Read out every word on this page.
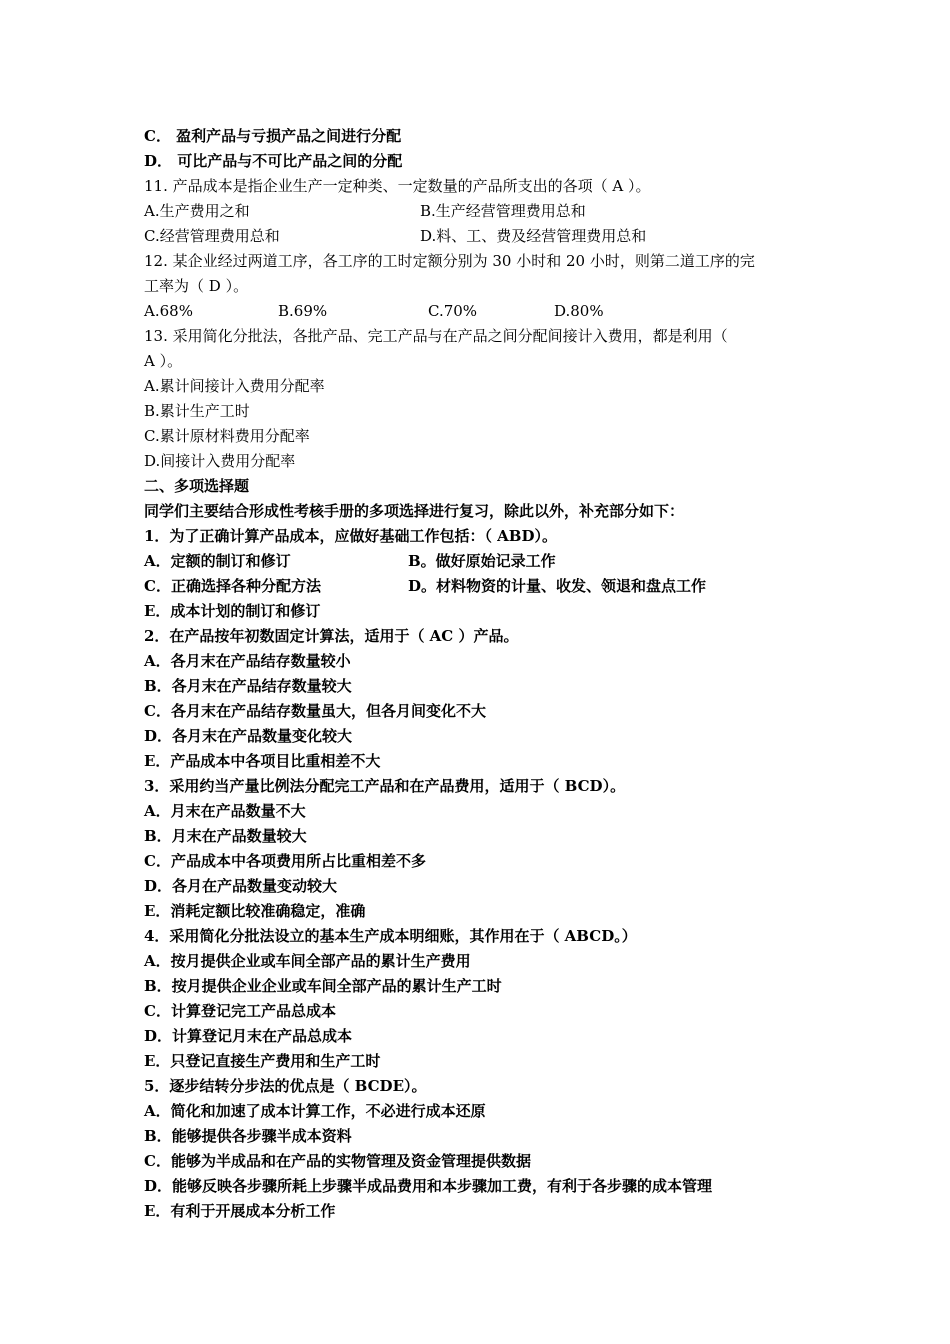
C． 盈利产品与亏损产品之间进行分配
D． 可比产品与不可比产品之间的分配
11. 产品成本是指企业生产一定种类、一定数量的产品所支出的各项（ A ）。
A.生产费用之和	B.生产经营管理费用总和
C.经营管理费用总和	D.料、工、费及经营管理费用总和
12. 某企业经过两道工序，各工序的工时定额分别为 30 小时和 20 小时，则第二道工序的完
工率为（ D ）。
A.68%	B.69%	C.70%	D.80%
13. 采用简化分批法，各批产品、完工产品与在产品之间分配间接计入费用，都是利用（
A ）。
A.累计间接计入费用分配率
B.累计生产工时
C.累计原材料费用分配率
D.间接计入费用分配率
二、多项选择题
同学们主要结合形成性考核手册的多项选择进行复习，除此以外，补充部分如下：
1．为了正确计算产品成本，应做好基础工作包括：（ ABD）。
A．定额的制订和修订	B。做好原始记录工作
C．正确选择各种分配方法	D。材料物资的计量、收发、领退和盘点工作
E．成本计划的制订和修订
2．在产品按年初数固定计算法，适用于（ AC ）产品。
A．各月末在产品结存数量较小
B．各月末在产品结存数量较大
C．各月末在产品结存数量虽大，但各月间变化不大
D．各月末在产品数量变化较大
E．产品成本中各项目比重相差不大
3．采用约当产量比例法分配完工产品和在产品费用，适用于（ BCD）。
A．月末在产品数量不大
B．月末在产品数量较大
C．产品成本中各项费用所占比重相差不多
D．各月在产品数量变动较大
E．消耗定额比较准确稳定，准确
4．采用简化分批法设立的基本生产成本明细账，其作用在于（ ABCD。）
A．按月提供企业或车间全部产品的累计生产费用
B．按月提供企业企业或车间全部产品的累计生产工时
C．计算登记完工产品总成本
D．计算登记月末在产品总成本
E．只登记直接生产费用和生产工时
5．逐步结转分步法的优点是（ BCDE）。
A．简化和加速了成本计算工作，不必进行成本还原
B．能够提供各步骤半成本资料
C．能够为半成品和在产品的实物管理及资金管理提供数据
D．能够反映各步骤所耗上步骤半成品费用和本步骤加工费，有利于各步骤的成本管理
E．有利于开展成本分析工作
